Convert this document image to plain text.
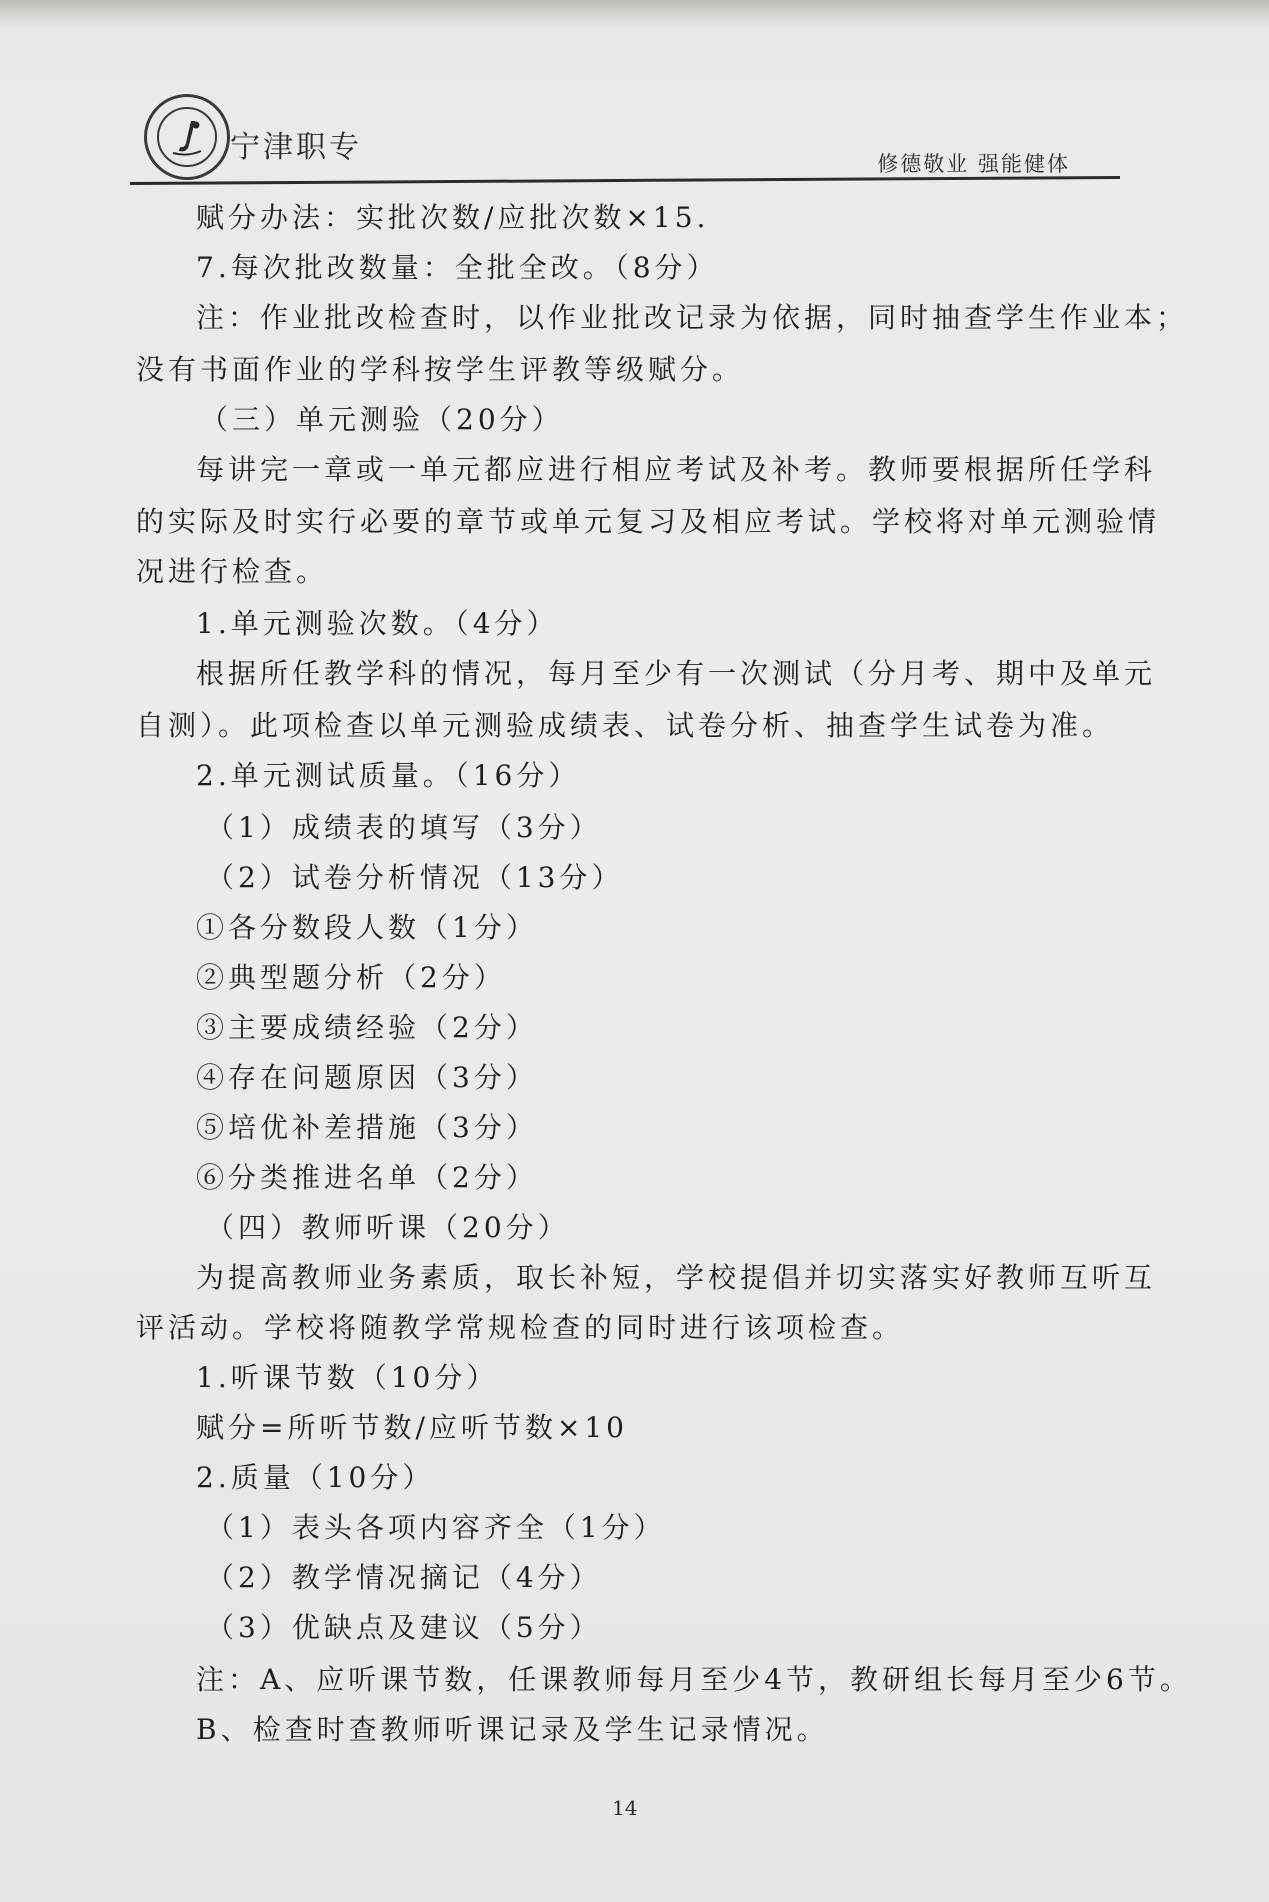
宁津职专	修德敬业 强能健体
赋分办法：实批次数/应批次数×15.
7.每次批改数量：全批全改。（8分）
注：作业批改检查时，以作业批改记录为依据，同时抽查学生作业本；
没有书面作业的学科按学生评教等级赋分。
（三）单元测验（20分）
每讲完一章或一单元都应进行相应考试及补考。教师要根据所任学科
的实际及时实行必要的章节或单元复习及相应考试。学校将对单元测验情
况进行检查。
1.单元测验次数。（4分）
根据所任教学科的情况，每月至少有一次测试（分月考、期中及单元
自测）。此项检查以单元测验成绩表、试卷分析、抽查学生试卷为准。
2.单元测试质量。（16分）
（1）成绩表的填写（3分）
（2）试卷分析情况（13分）
①各分数段人数（1分）
②典型题分析（2分）
③主要成绩经验（2分）
④存在问题原因（3分）
⑤培优补差措施（3分）
⑥分类推进名单（2分）
（四）教师听课（20分）
为提高教师业务素质，取长补短，学校提倡并切实落实好教师互听互
评活动。学校将随教学常规检查的同时进行该项检查。
1.听课节数（10分）
赋分=所听节数/应听节数×10
2.质量（10分）
（1）表头各项内容齐全（1分）
（2）教学情况摘记（4分）
（3）优缺点及建议（5分）
注：A、应听课节数，任课教师每月至少4节，教研组长每月至少6节。
B、检查时查教师听课记录及学生记录情况。
14
